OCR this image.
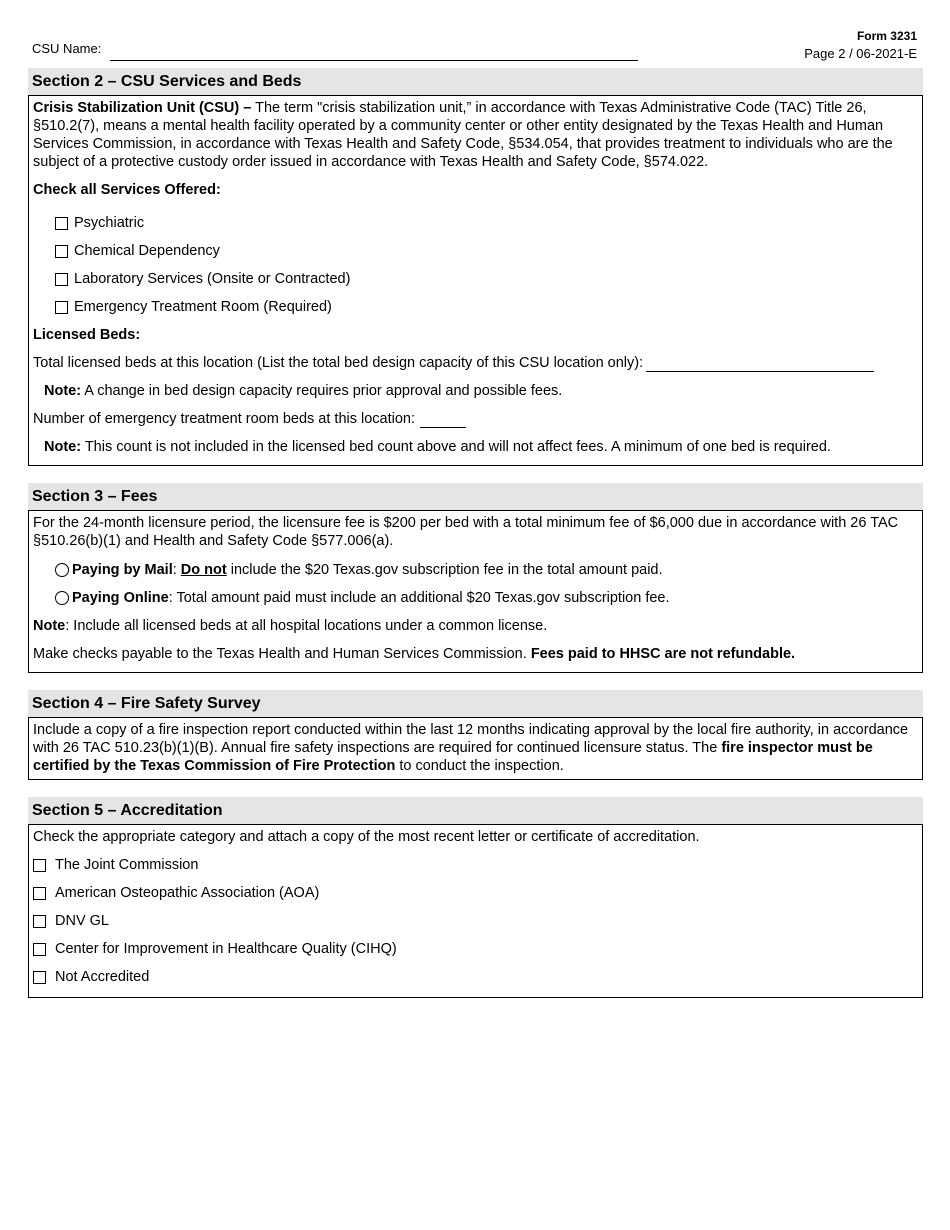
CSU Name:
Form 3231
Page 2 / 06-2021-E
Section 2 – CSU Services and Beds

Crisis Stabilization Unit (CSU) – The term "crisis stabilization unit,” in accordance with Texas Administrative Code (TAC) Title 26, §510.2(7), means a mental health facility operated by a community center or other entity designated by the Texas Health and Human Services Commission, in accordance with Texas Health and Safety Code, §534.054, that provides treatment to individuals who are the subject of a protective custody order issued in accordance with Texas Health and Safety Code, §574.022.

Check all Services Offered:
Psychiatric
Chemical Dependency
Laboratory Services (Onsite or Contracted)
Emergency Treatment Room (Required)
Licensed Beds:
Total licensed beds at this location (List the total bed design capacity of this CSU location only):
Note: A change in bed design capacity requires prior approval and possible fees.
Number of emergency treatment room beds at this location:
Note: This count is not included in the licensed bed count above and will not affect fees. A minimum of one bed is required.
Section 3 – Fees

For the 24-month licensure period, the licensure fee is $200 per bed with a total minimum fee of $6,000 due in accordance with 26 TAC §510.26(b)(1) and Health and Safety Code §577.006(a).

Paying by Mail: Do not include the $20 Texas.gov subscription fee in the total amount paid.
Paying Online: Total amount paid must include an additional $20 Texas.gov subscription fee.
Note: Include all licensed beds at all hospital locations under a common license.
Make checks payable to the Texas Health and Human Services Commission. Fees paid to HHSC are not refundable.
Section 4 – Fire Safety Survey

Include a copy of a fire inspection report conducted within the last 12 months indicating approval by the local fire authority, in accordance with 26 TAC 510.23(b)(1)(B). Annual fire safety inspections are required for continued licensure status. The fire inspector must be certified by the Texas Commission of Fire Protection to conduct the inspection.

Section 5 – Accreditation

Check the appropriate category and attach a copy of the most recent letter or certificate of accreditation.

The Joint Commission
American Osteopathic Association (AOA)
DNV GL
Center for Improvement in Healthcare Quality (CIHQ)
Not Accredited
